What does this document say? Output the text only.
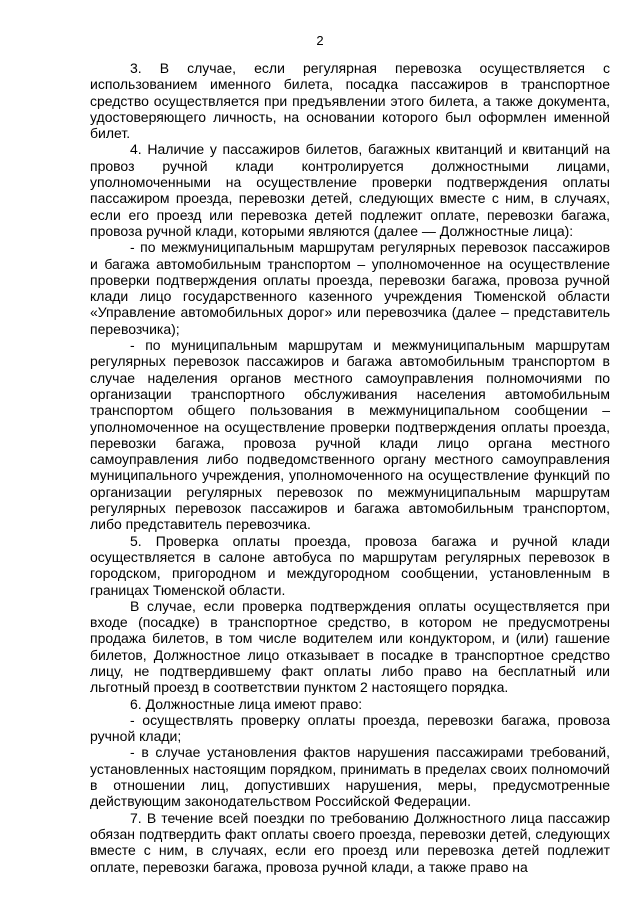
2

3. В случае, если регулярная перевозка осуществляется с использованием именного билета, посадка пассажиров в транспортное средство осуществляется при предъявлении этого билета, а также документа, удостоверяющего личность, на основании которого был оформлен именной билет.

4. Наличие у пассажиров билетов, багажных квитанций и квитанций на провоз ручной клади контролируется должностными лицами, уполномоченными на осуществление проверки подтверждения оплаты пассажиром проезда, перевозки детей, следующих вместе с ним, в случаях, если его проезд или перевозка детей подлежит оплате, перевозки багажа, провоза ручной клади, которыми являются (далее — Должностные лица):

- по межмуниципальным маршрутам регулярных перевозок пассажиров и багажа автомобильным транспортом – уполномоченное на осуществление проверки подтверждения оплаты проезда, перевозки багажа, провоза ручной клади лицо государственного казенного учреждения Тюменской области «Управление автомобильных дорог» или перевозчика (далее – представитель перевозчика);

- по муниципальным маршрутам и межмуниципальным маршрутам регулярных перевозок пассажиров и багажа автомобильным транспортом в случае наделения органов местного самоуправления полномочиями по организации транспортного обслуживания населения автомобильным транспортом общего пользования в межмуниципальном сообщении – уполномоченное на осуществление проверки подтверждения оплаты проезда, перевозки багажа, провоза ручной клади лицо органа местного самоуправления либо подведомственного органу местного самоуправления муниципального учреждения, уполномоченного на осуществление функций по организации регулярных перевозок по межмуниципальным маршрутам регулярных перевозок пассажиров и багажа автомобильным транспортом, либо представитель перевозчика.

5. Проверка оплаты проезда, провоза багажа и ручной клади осуществляется в салоне автобуса по маршрутам регулярных перевозок в городском, пригородном и междугородном сообщении, установленным в границах Тюменской области.

В случае, если проверка подтверждения оплаты осуществляется при входе (посадке) в транспортное средство, в котором не предусмотрены продажа билетов, в том числе водителем или кондуктором, и (или) гашение билетов, Должностное лицо отказывает в посадке в транспортное средство лицу, не подтвердившему факт оплаты либо право на бесплатный или льготный проезд в соответствии пунктом 2 настоящего порядка.

6. Должностные лица имеют право:

- осуществлять проверку оплаты проезда, перевозки багажа, провоза ручной клади;

- в случае установления фактов нарушения пассажирами требований, установленных настоящим порядком, принимать в пределах своих полномочий в отношении лиц, допустивших нарушения, меры, предусмотренные действующим законодательством Российской Федерации.

7. В течение всей поездки по требованию Должностного лица пассажир обязан подтвердить факт оплаты своего проезда, перевозки детей, следующих вместе с ним, в случаях, если его проезд или перевозка детей подлежит оплате, перевозки багажа, провоза ручной клади, а также право на
